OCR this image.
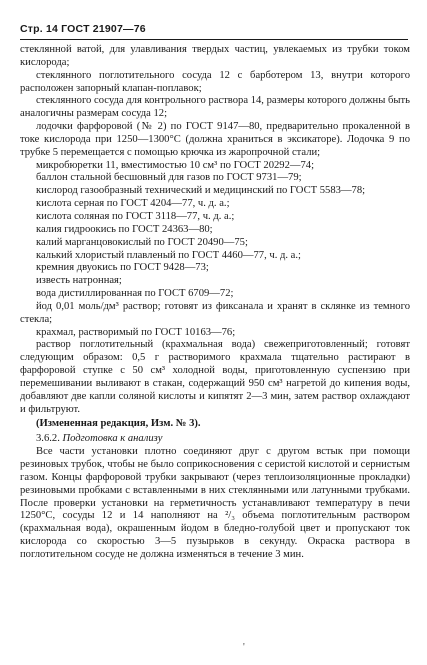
Стр. 14 ГОСТ 21907—76

стеклянной ватой, для улавливания твердых частиц, увлекаемых из трубки током кислорода;

стеклянного поглотительного сосуда 12 с барботером 13, внутри которого расположен запорный клапан-поплавок;

стеклянного сосуда для контрольного раствора 14, размеры которого должны быть аналогичны размерам сосуда 12;

лодочки фарфоровой (№ 2) по ГОСТ 9147—80, предварительно прокаленной в токе кислорода при 1250—1300°С (должна храниться в эксикаторе). Лодочка 9 по трубке 5 перемещается с помощью крючка из жаропрочной стали;

микробюретки 11, вместимостью 10 см³ по ГОСТ 20292—74;

баллон стальной бесшовный для газов по ГОСТ 9731—79;

кислород газообразный технический и медицинский по ГОСТ 5583—78;

кислота серная по ГОСТ 4204—77, ч. д. а.;

кислота соляная по ГОСТ 3118—77, ч. д. а.;

калия гидроокись по ГОСТ 24363—80;

калий марганцовокислый по ГОСТ 20490—75;

калький хлористый плавленый по ГОСТ 4460—77, ч. д. а.;

кремния двуокись по ГОСТ 9428—73;

известь натронная;

вода дистиллированная по ГОСТ 6709—72;

йод 0,01 моль/дм³ раствор; готовят из фиксанала и хранят в склянке из темного стекла;

крахмал, растворимый по ГОСТ 10163—76;

раствор поглотительный (крахмальная вода) свежеприготовленный; готовят следующим образом: 0,5 г растворимого крахмала тщательно растирают в фарфоровой ступке с 50 см³ холодной воды, приготовленную суспензию при перемешивании выливают в стакан, содержащий 950 см³ нагретой до кипения воды, добавляют две капли соляной кислоты и кипятят 2—3 мин, затем раствор охлаждают и фильтруют.

(Измененная редакция, Изм. № 3).

3.6.2. Подготовка к анализу

Все части установки плотно соединяют друг с другом встык при помощи резиновых трубок, чтобы не было соприкосновения с серистой кислотой и сернистым газом. Концы фарфоровой трубки закрывают (через теплоизоляционные прокладки) резиновыми пробками с вставленными в них стеклянными или латунными трубками. После проверки установки на герметичность устанавливают температуру в печи 1250°С, сосуды 12 и 14 наполняют на ²/₃ объема поглотительным раствором (крахмальная вода), окрашенным йодом в бледно-голубой цвет и пропускают ток кислорода со скоростью 3—5 пузырьков в секунду. Окраска раствора в поглотительном сосуде не должна изменяться в течение 3 мин.

'
